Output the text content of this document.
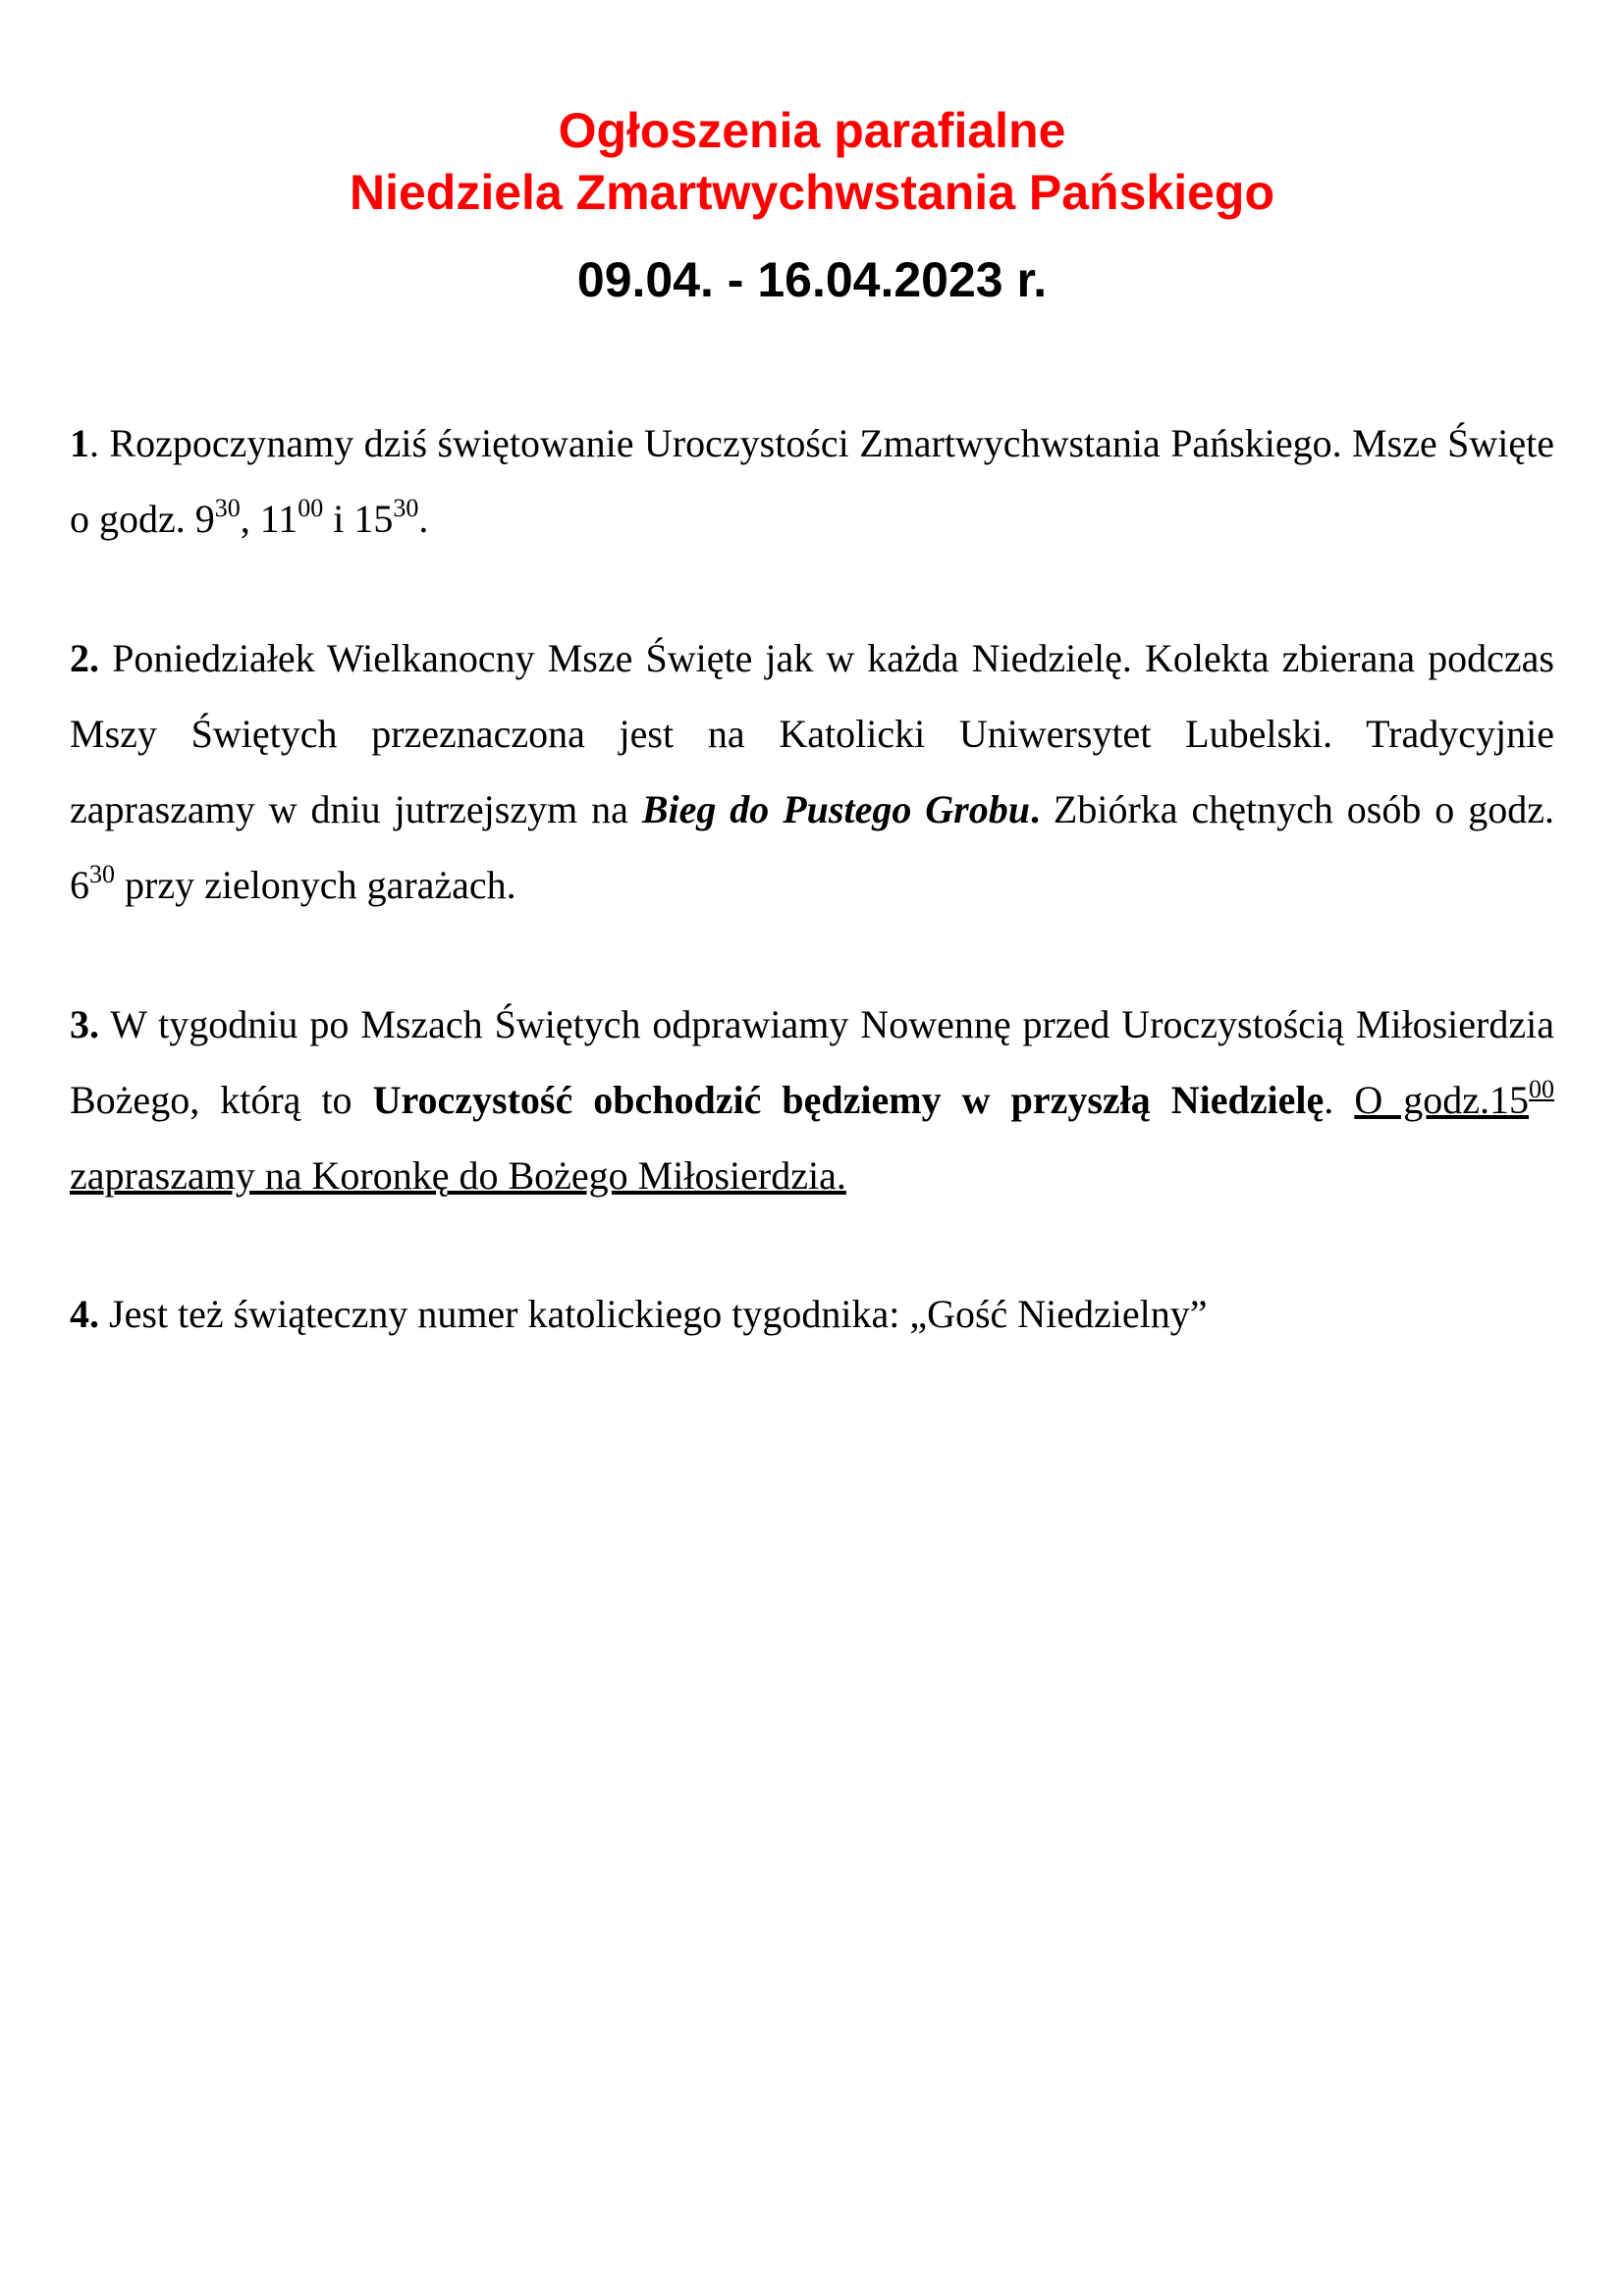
Ogłoszenia parafialne
Niedziela Zmartwychwstania Pańskiego
09.04. - 16.04.2023 r.

1. Rozpoczynamy dziś świętowanie Uroczystości Zmartwychwstania Pańskiego. Msze Święte o godz. $9^{30}$, $11^{00}$ i $15^{30}$.

2. Poniedziałek Wielkanocny Msze Święte jak w każda Niedzielę. Kolekta zbierana podczas Mszy Świętych przeznaczona jest na Katolicki Uniwersytet Lubelski. Tradycyjnie zapraszamy w dniu jutrzejszym na Bieg do Pustego Grobu. Zbiórka chętnych osób o godz. $6^{30}$ przy zielonych garażach.

3. W tygodniu po Mszach Świętych odprawiamy Nowennę przed Uroczystością Miłosierdzia Bożego, którą to Uroczystość obchodzić będziemy w przyszłą Niedzielę. O $godz.15^{00}$ zapraszamy na Koronkę do Bożego Miłosierdzia.

4. Jest też świąteczny numer katolickiego tygodnika: „Gość Niedzielny”
